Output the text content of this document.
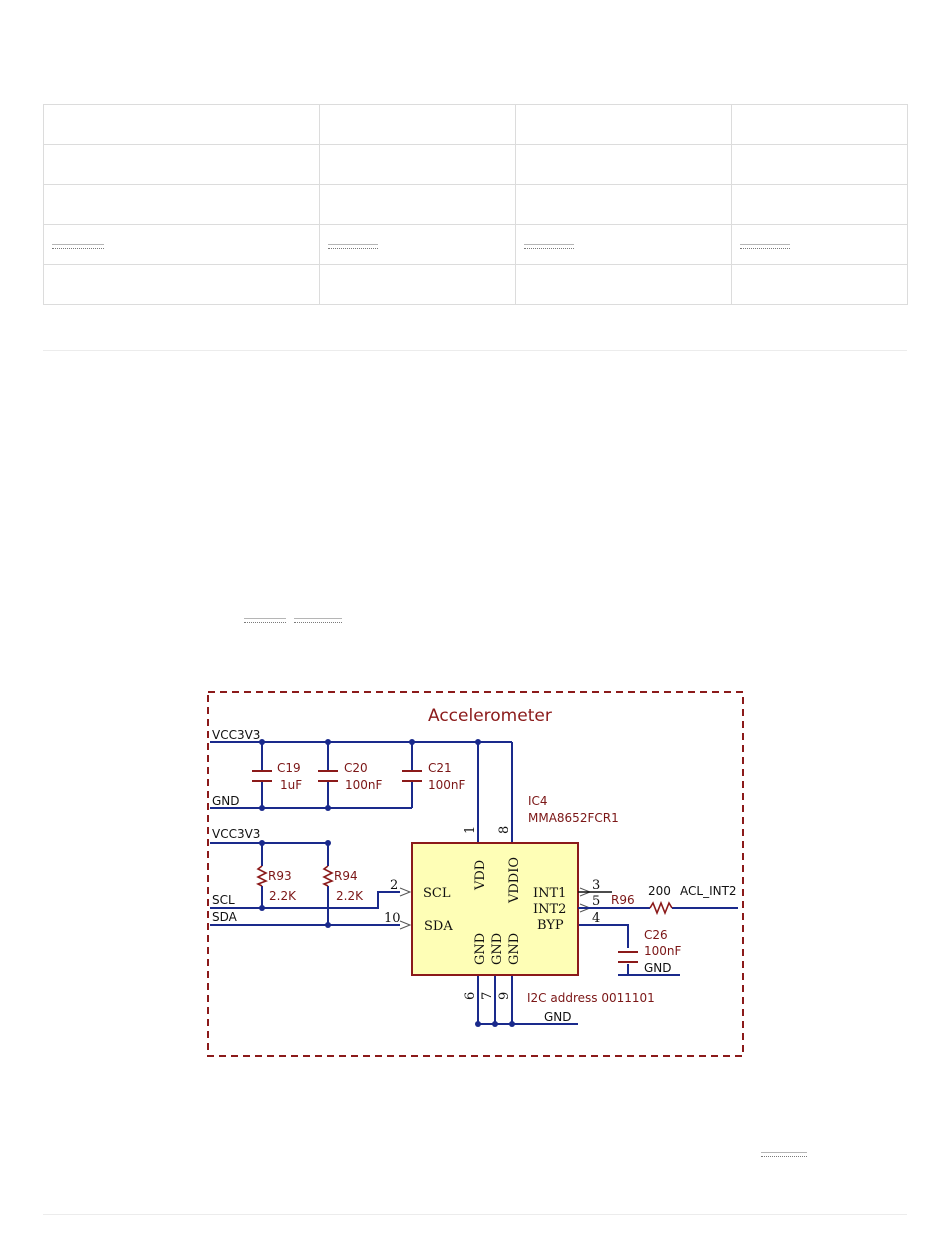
Accelerometer
SCL
SDA
INT1
INT2
BYP
VDD VDDIO
GND GND GND
1 8
2
10
3
5
4
6 7 9
VCC3V3
GND
VCC3V3
SCL
SDA
ACL_INT2
GND
GND
C19
1uF
C20
100nF
C21
100nF
R93
2.2K
R94
2.2K	R96
200
C26
100nF
IC4
MMA8652FCR1
I2C address 0011101
